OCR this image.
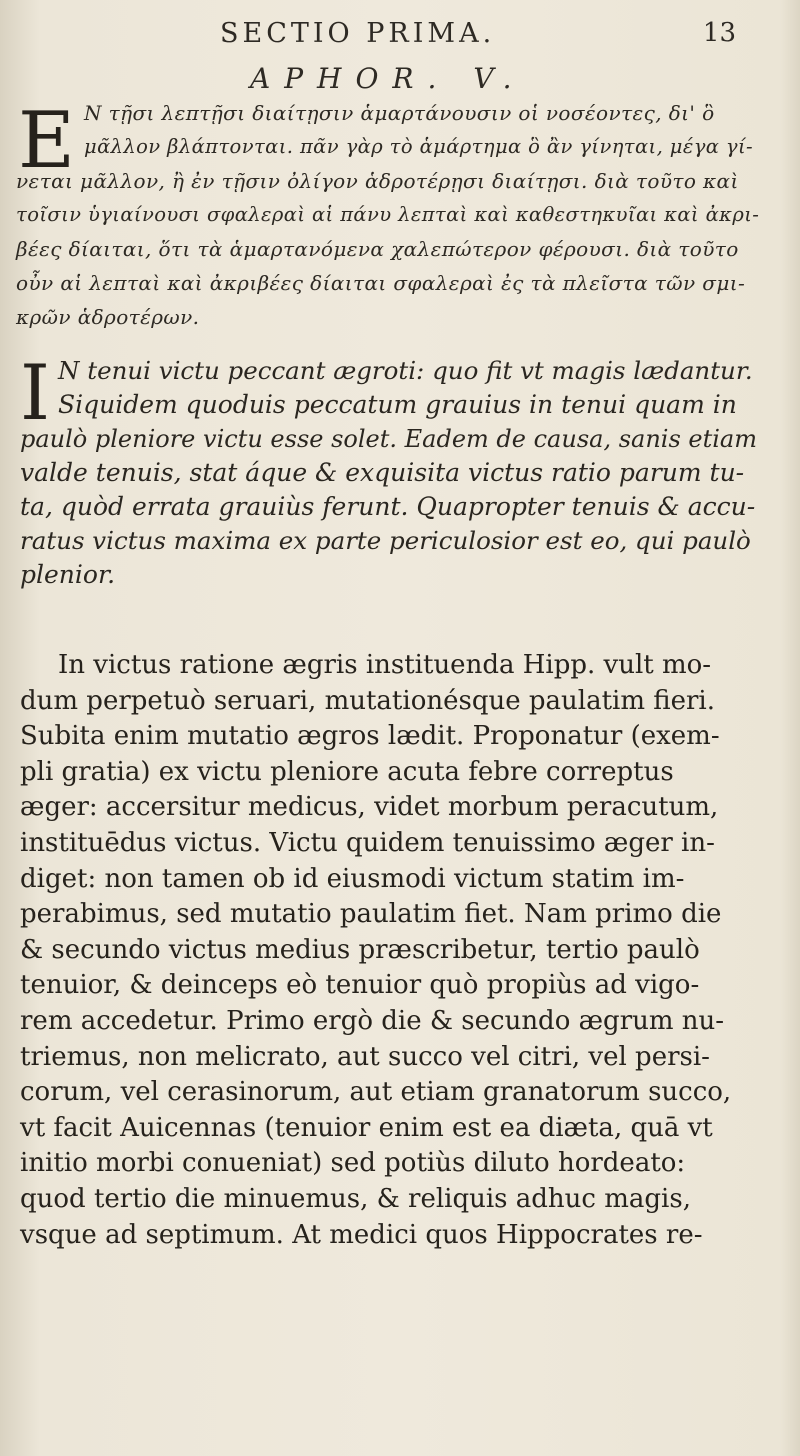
SECTIO PRIMA.	13
APHOR. V.
E N τῇσι λεπτῇσι διαίτῃσιν ἁμαρτάνουσιν οἱ νοσέοντες, δι' ὃ
μᾶλλον βλάπτονται. πᾶν γὰρ τὸ ἁμάρτημα ὃ ἂν γίνηται, μέγα γί-
νεται μᾶλλον, ἢ ἐν τῇσιν ὀλίγον ἁδροτέρῃσι διαίτῃσι. διὰ τοῦτο καὶ
τοῖσιν ὑγιαίνουσι σφαλεραὶ αἱ πάνυ λεπταὶ καὶ καθεστηκυῖαι καὶ ἀκρι-
βέες δίαιται, ὅτι τὰ ἁμαρτανόμενα χαλεπώτερον φέρουσι. διὰ τοῦτο
οὖν αἱ λεπταὶ καὶ ἀκριβέες δίαιται σφαλεραὶ ἐς τὰ πλεῖστα τῶν σμι-
κρῶν ἁδροτέρων.
I N tenui victu peccant ægroti: quo fit vt magis lædantur.
Siquidem quoduis peccatum grauius in tenui quam in
paulò pleniore victu esse solet. Eadem de causa, sanis etiam
valde tenuis, stat áque & exquisita victus ratio parum tu-
ta, quòd errata grauiùs ferunt. Quapropter tenuis & accu-
ratus victus maxima ex parte periculosior est eo, qui paulò
plenior.
In victus ratione ægris instituenda Hipp. vult mo-
dum perpetuò seruari, mutationésque paulatim fieri.
Subita enim mutatio ægros lædit. Proponatur (exem-
pli gratia) ex victu pleniore acuta febre correptus
æger: accersitur medicus, videt morbum peracutum,
instituēdus victus. Victu quidem tenuissimo æger in-
diget: non tamen ob id eiusmodi victum statim im-
perabimus, sed mutatio paulatim fiet. Nam primo die
& secundo victus medius præscribetur, tertio paulò
tenuior, & deinceps eò tenuior quò propiùs ad vigo-
rem accedetur. Primo ergò die & secundo ægrum nu-
triemus, non melicrato, aut succo vel citri, vel persi-
corum, vel cerasinorum, aut etiam granatorum succo,
vt facit Auicennas (tenuior enim est ea diæta, quā vt
initio morbi conueniat) sed potiùs diluto hordeato:
quod tertio die minuemus, & reliquis adhuc magis,
vsque ad septimum. At medici quos Hippocrates re-
